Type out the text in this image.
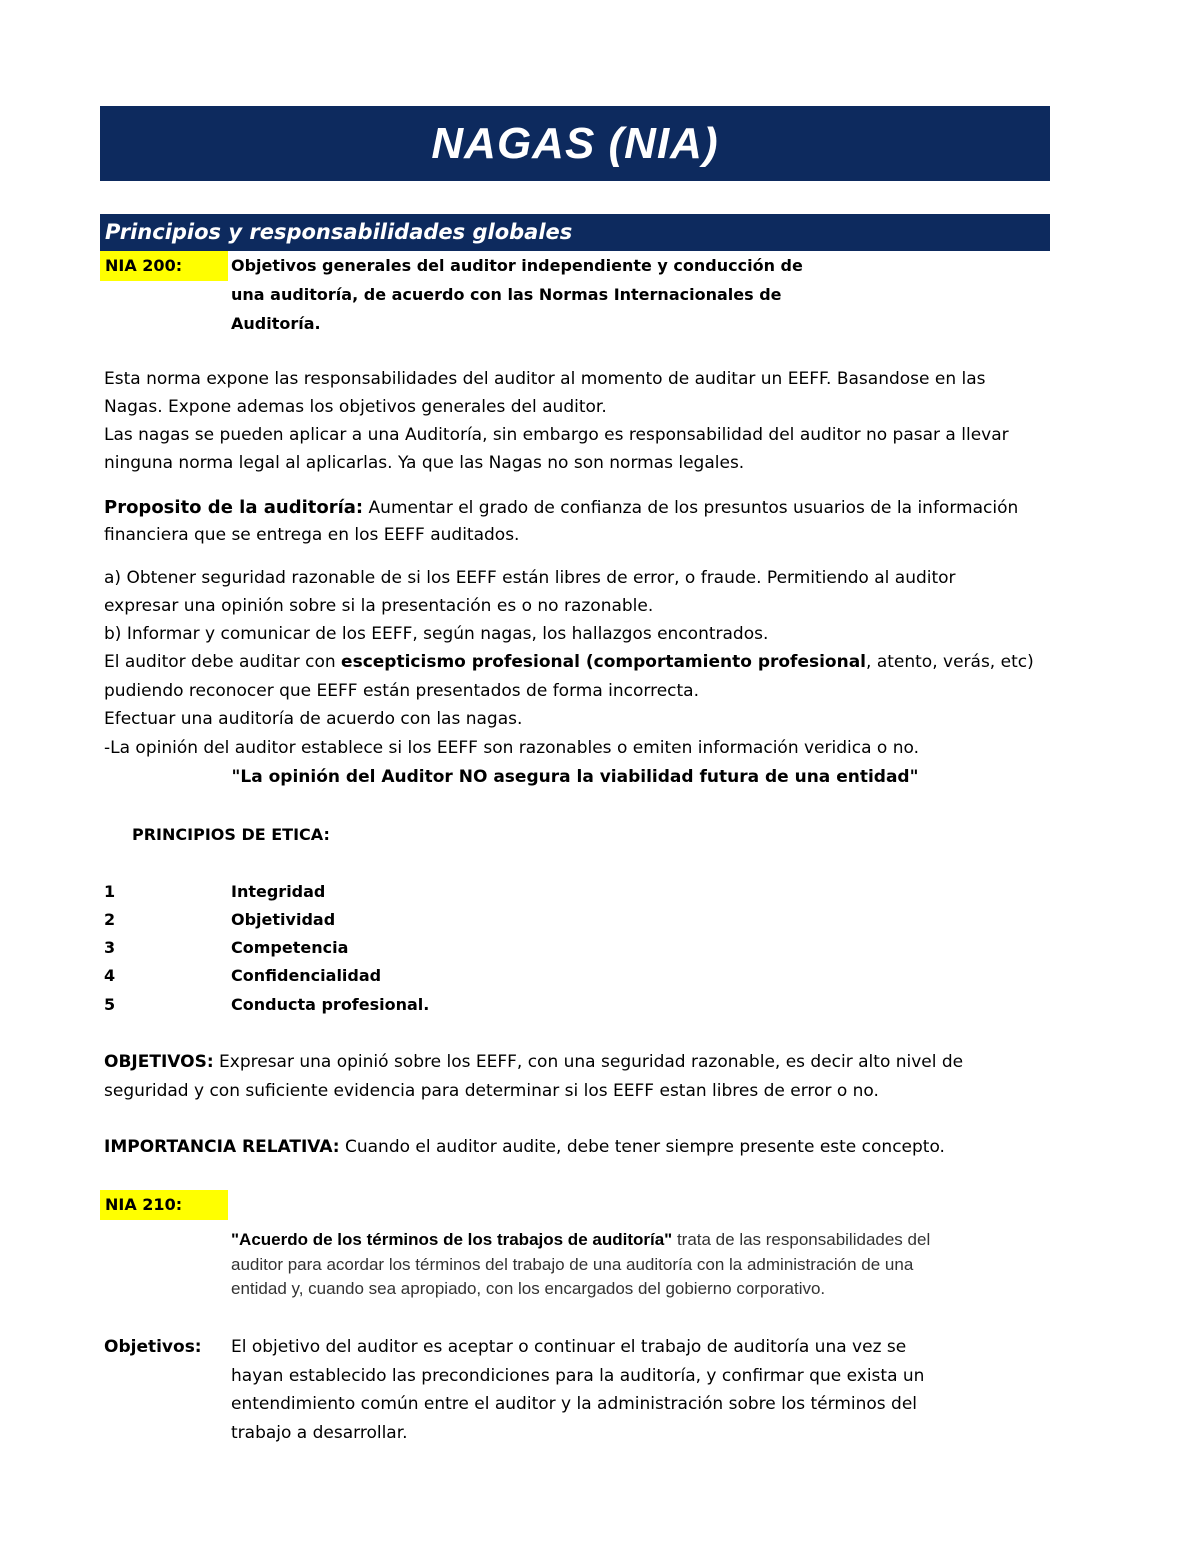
NAGAS (NIA)
Principios y responsabilidades globales
NIA 200:	Objetivos generales del auditor independiente y conducción de
una auditoría, de acuerdo con las Normas Internacionales de
Auditoría.
Esta norma expone las responsabilidades del auditor al momento de auditar un EEFF. Basandose en las
Nagas. Expone ademas los objetivos generales del auditor.
Las nagas se pueden aplicar a una Auditoría, sin embargo es responsabilidad del auditor no pasar a llevar
ninguna norma legal al aplicarlas. Ya que las Nagas no son normas legales.
Proposito de la auditoría: Aumentar el grado de confianza de los presuntos usuarios de la información
financiera que se entrega en los EEFF auditados.
a) Obtener seguridad razonable de si los EEFF están libres de error, o fraude. Permitiendo al auditor
expresar una opinión sobre si la presentación es o no razonable.
b) Informar y comunicar de los EEFF, según nagas, los hallazgos encontrados.
El auditor debe auditar con escepticismo profesional (comportamiento profesional, atento, verás, etc)
pudiendo reconocer que EEFF están presentados de forma incorrecta.
Efectuar una auditoría de acuerdo con las nagas.
-La opinión del auditor establece si los EEFF son razonables o emiten información veridica o no.
"La opinión del Auditor NO asegura la viabilidad futura de una entidad"
PRINCIPIOS DE ETICA:
1	Integridad
2	Objetividad
3	Competencia
4	Confidencialidad
5	Conducta profesional.
OBJETIVOS: Expresar una opinió sobre los EEFF, con una seguridad razonable, es decir alto nivel de
seguridad y con suficiente evidencia para determinar si los EEFF estan libres de error o no.
IMPORTANCIA RELATIVA: Cuando el auditor audite, debe tener siempre presente este concepto.
NIA 210:
"Acuerdo de los términos de los trabajos de auditoría" trata de las responsabilidades del
auditor para acordar los términos del trabajo de una auditoría con la administración de una
entidad y, cuando sea apropiado, con los encargados del gobierno corporativo.
Objetivos: El objetivo del auditor es aceptar o continuar el trabajo de auditoría una vez se
hayan establecido las precondiciones para la auditoría, y confirmar que exista un
entendimiento común entre el auditor y la administración sobre los términos del
trabajo a desarrollar.
